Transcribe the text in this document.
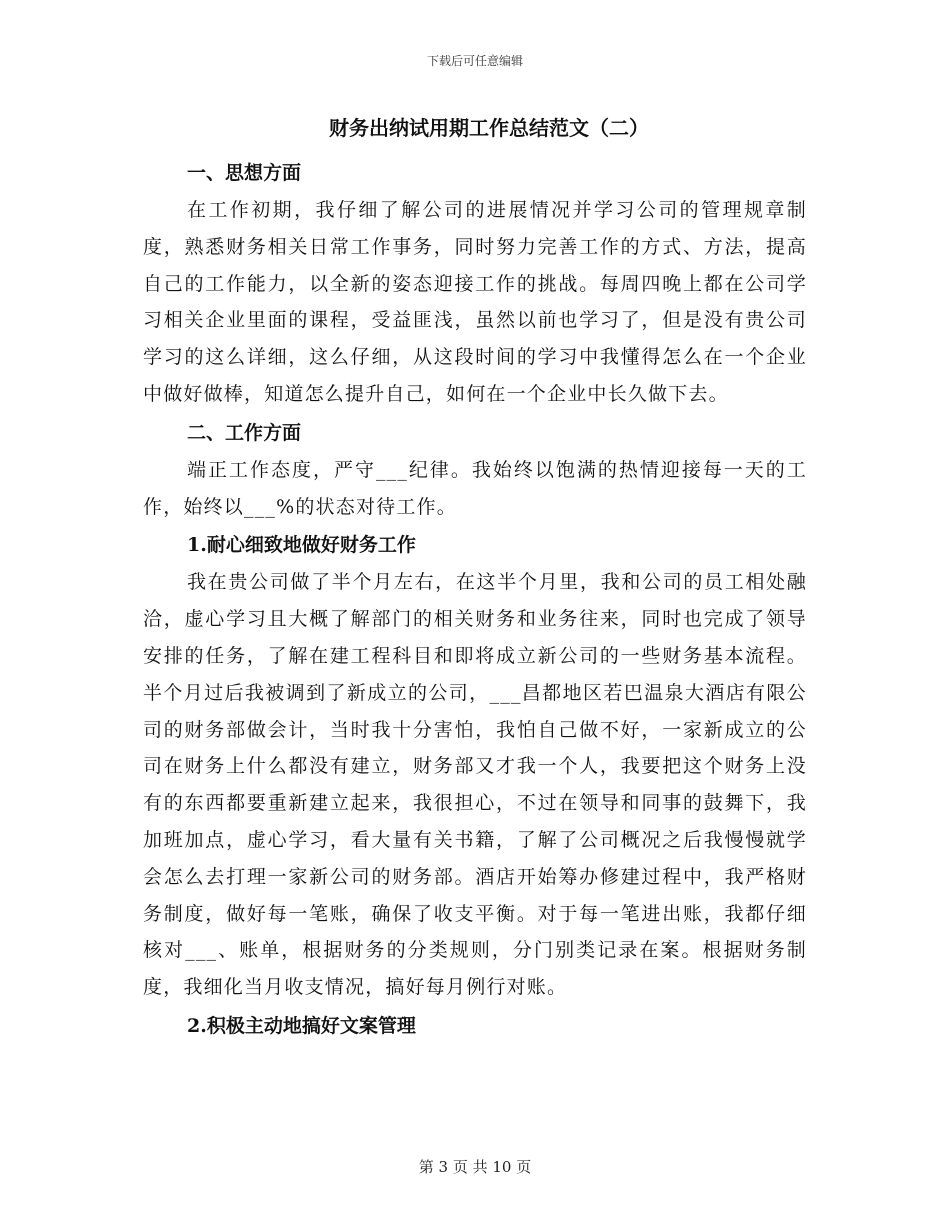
下载后可任意编辑
财务出纳试用期工作总结范文（二）
一、思想方面

在工作初期，我仔细了解公司的进展情况并学习公司的管理规章制度，熟悉财务相关日常工作事务，同时努力完善工作的方式、方法，提高自己的工作能力，以全新的姿态迎接工作的挑战。每周四晚上都在公司学习相关企业里面的课程，受益匪浅，虽然以前也学习了，但是没有贵公司学习的这么详细，这么仔细，从这段时间的学习中我懂得怎么在一个企业中做好做棒，知道怎么提升自己，如何在一个企业中长久做下去。

二、工作方面

端正工作态度，严守___纪律。我始终以饱满的热情迎接每一天的工作，始终以___%的状态对待工作。

1.耐心细致地做好财务工作

我在贵公司做了半个月左右，在这半个月里，我和公司的员工相处融洽，虚心学习且大概了解部门的相关财务和业务往来，同时也完成了领导安排的任务，了解在建工程科目和即将成立新公司的一些财务基本流程。半个月过后我被调到了新成立的公司，___昌都地区若巴温泉大酒店有限公司的财务部做会计，当时我十分害怕，我怕自己做不好，一家新成立的公司在财务上什么都没有建立，财务部又才我一个人，我要把这个财务上没有的东西都要重新建立起来，我很担心，不过在领导和同事的鼓舞下，我加班加点，虚心学习，看大量有关书籍，了解了公司概况之后我慢慢就学会怎么去打理一家新公司的财务部。酒店开始筹办修建过程中，我严格财务制度，做好每一笔账，确保了收支平衡。对于每一笔进出账，我都仔细核对___、账单，根据财务的分类规则，分门别类记录在案。根据财务制度，我细化当月收支情况，搞好每月例行对账。

2.积极主动地搞好文案管理
第 3 页 共 10 页
